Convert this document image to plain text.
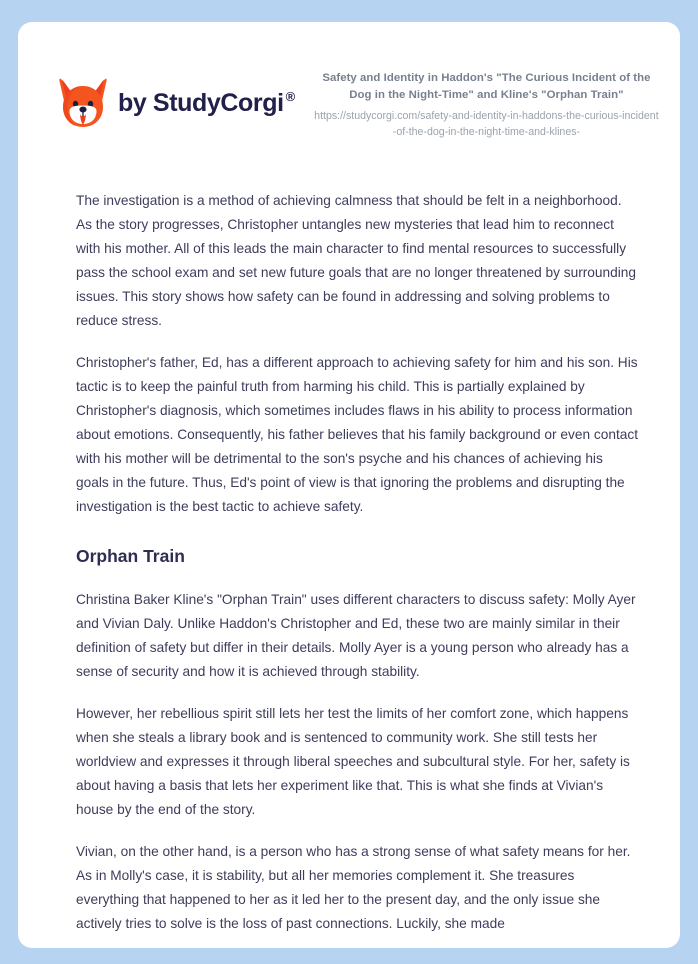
by StudyCorgi ®

Safety and Identity in Haddon's "The Curious Incident of the Dog in the Night-Time" and Kline's "Orphan Train"

https://studycorgi.com/safety-and-identity-in-haddons-the-curious-incident-of-the-dog-in-the-night-time-and-klines-

The investigation is a method of achieving calmness that should be felt in a neighborhood. As the story progresses, Christopher untangles new mysteries that lead him to reconnect with his mother. All of this leads the main character to find mental resources to successfully pass the school exam and set new future goals that are no longer threatened by surrounding issues. This story shows how safety can be found in addressing and solving problems to reduce stress.

Christopher's father, Ed, has a different approach to achieving safety for him and his son. His tactic is to keep the painful truth from harming his child. This is partially explained by Christopher's diagnosis, which sometimes includes flaws in his ability to process information about emotions. Consequently, his father believes that his family background or even contact with his mother will be detrimental to the son's psyche and his chances of achieving his goals in the future. Thus, Ed's point of view is that ignoring the problems and disrupting the investigation is the best tactic to achieve safety.

Orphan Train

Christina Baker Kline's "Orphan Train" uses different characters to discuss safety: Molly Ayer and Vivian Daly. Unlike Haddon's Christopher and Ed, these two are mainly similar in their definition of safety but differ in their details. Molly Ayer is a young person who already has a sense of security and how it is achieved through stability.

However, her rebellious spirit still lets her test the limits of her comfort zone, which happens when she steals a library book and is sentenced to community work. She still tests her worldview and expresses it through liberal speeches and subcultural style. For her, safety is about having a basis that lets her experiment like that. This is what she finds at Vivian's house by the end of the story.

Vivian, on the other hand, is a person who has a strong sense of what safety means for her. As in Molly's case, it is stability, but all her memories complement it. She treasures everything that happened to her as it led her to the present day, and the only issue she actively tries to solve is the loss of past connections. Luckily, she made
